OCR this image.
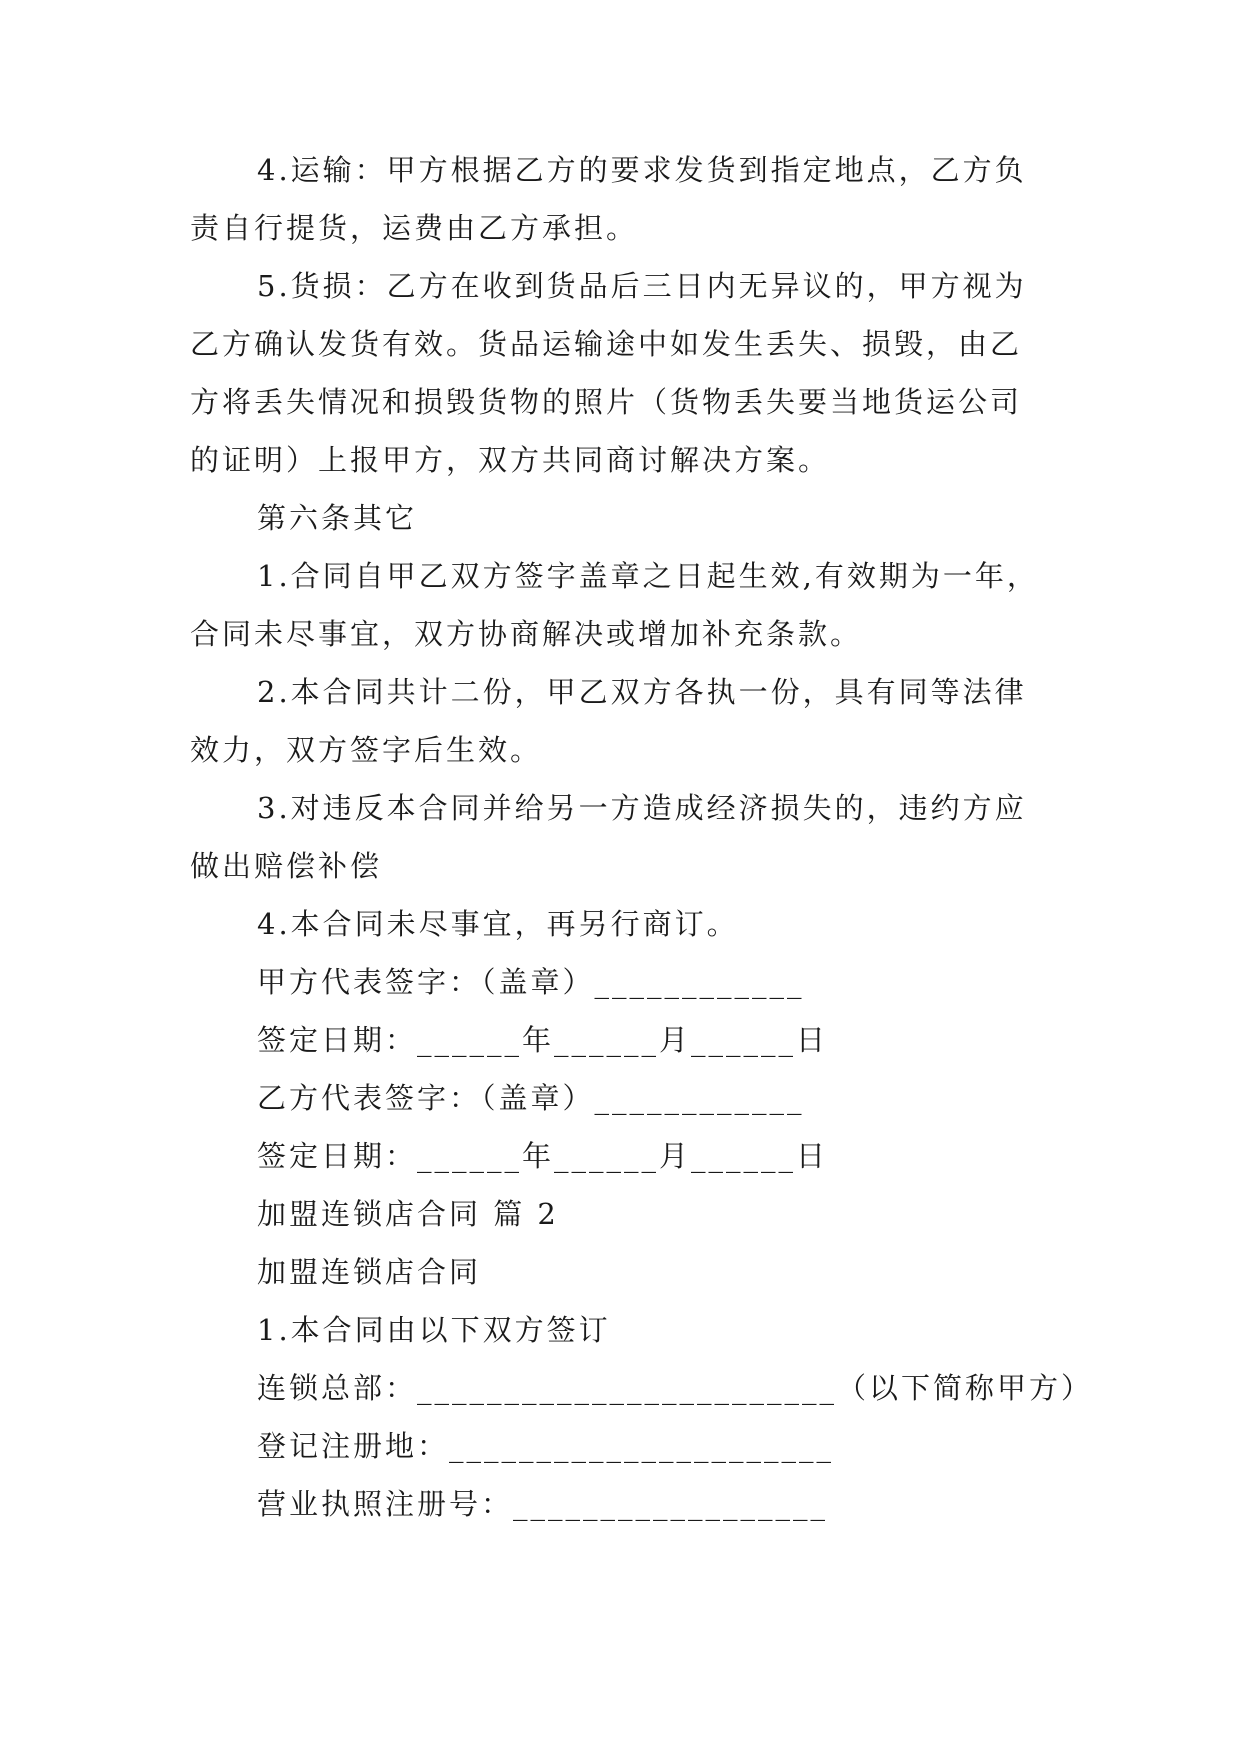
4.运输：甲方根据乙方的要求发货到指定地点，乙方负
责自行提货，运费由乙方承担。
5.货损：乙方在收到货品后三日内无异议的，甲方视为
乙方确认发货有效。货品运输途中如发生丢失、损毁，由乙
方将丢失情况和损毁货物的照片（货物丢失要当地货运公司
的证明）上报甲方，双方共同商讨解决方案。
第六条其它
1.合同自甲乙双方签字盖章之日起生效,有效期为一年，
合同未尽事宜，双方协商解决或增加补充条款。
2.本合同共计二份，甲乙双方各执一份，具有同等法律
效力，双方签字后生效。
3.对违反本合同并给另一方造成经济损失的，违约方应
做出赔偿补偿
4.本合同未尽事宜，再另行商订。
甲方代表签字：（盖章）____________
签定日期：______年______月______日
乙方代表签字：（盖章）____________
签定日期：______年______月______日
加盟连锁店合同 篇 2
加盟连锁店合同
1.本合同由以下双方签订
连锁总部：________________________（以下简称甲方）
登记注册地：______________________
营业执照注册号：__________________
